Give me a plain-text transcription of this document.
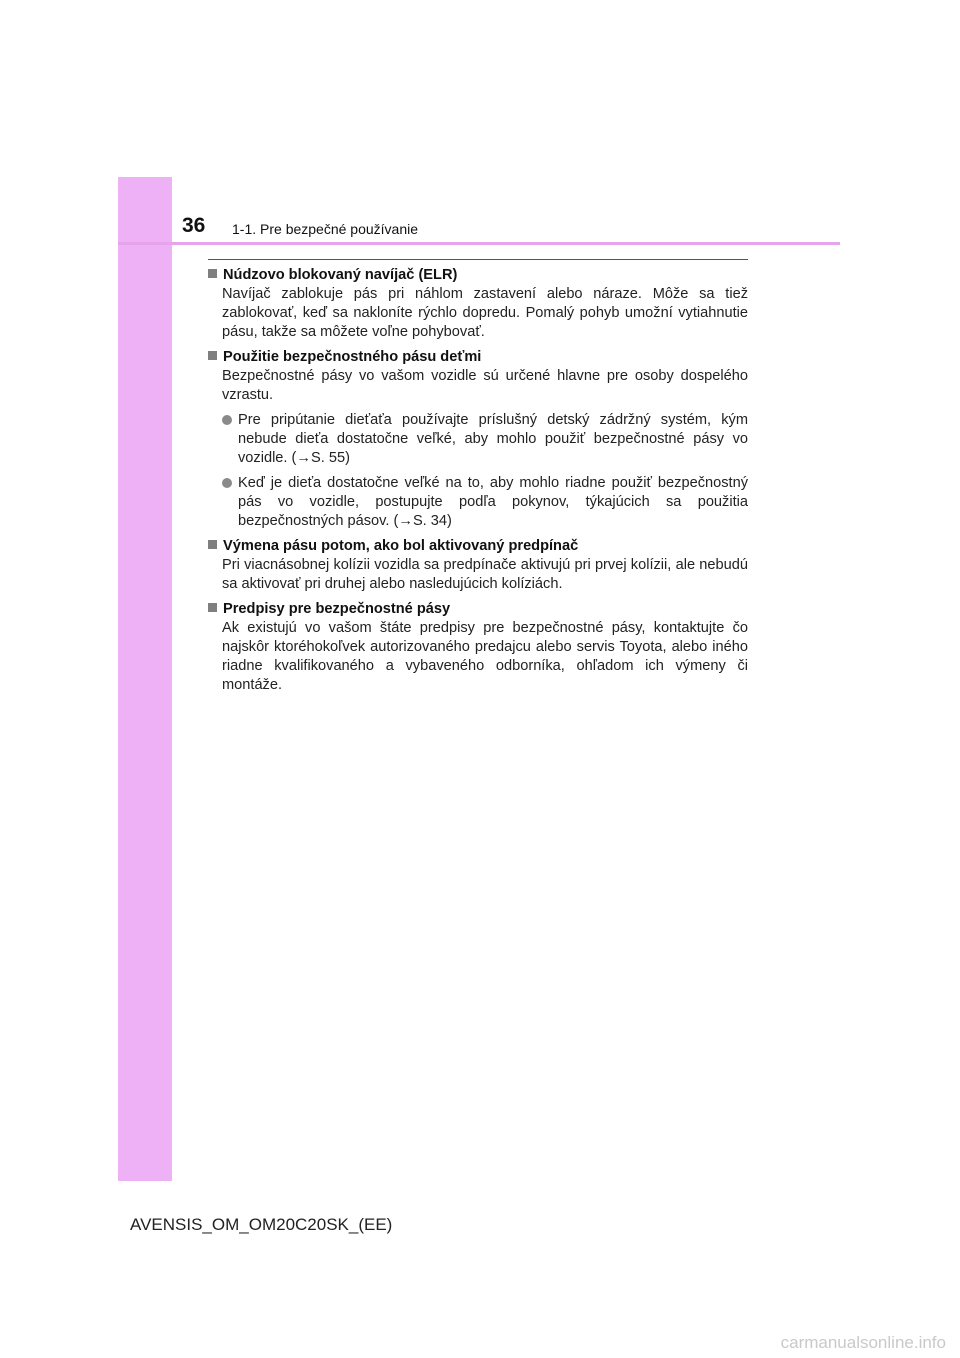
36 1-1. Pre bezpečné používanie
Núdzovo blokovaný navíjač (ELR)
Navíjač zablokuje pás pri náhlom zastavení alebo náraze. Môže sa tiež zablokovať, keď sa nakloníte rýchlo dopredu. Pomalý pohyb umožní vytiahnutie pásu, takže sa môžete voľne pohybovať.
Použitie bezpečnostného pásu deťmi
Bezpečnostné pásy vo vašom vozidle sú určené hlavne pre osoby dospelého vzrastu.
Pre pripútanie dieťaťa používajte príslušný detský zádržný systém, kým nebude dieťa dostatočne veľké, aby mohlo použiť bezpečnostné pásy vo vozidle. (→S. 55)
Keď je dieťa dostatočne veľké na to, aby mohlo riadne použiť bezpečnostný pás vo vozidle, postupujte podľa pokynov, týkajúcich sa použitia bezpečnostných pásov. (→S. 34)
Výmena pásu potom, ako bol aktivovaný predpínač
Pri viacnásobnej kolízii vozidla sa predpínače aktivujú pri prvej kolízii, ale nebudú sa aktivovať pri druhej alebo nasledujúcich kolíziách.
Predpisy pre bezpečnostné pásy
Ak existujú vo vašom štáte predpisy pre bezpečnostné pásy, kontaktujte čo najskôr ktoréhokoľvek autorizovaného predajcu alebo servis Toyota, alebo iného riadne kvalifikovaného a vybaveného odborníka, ohľadom ich výmeny či montáže.
AVENSIS_OM_OM20C20SK_(EE)
carmanualsonline.info
